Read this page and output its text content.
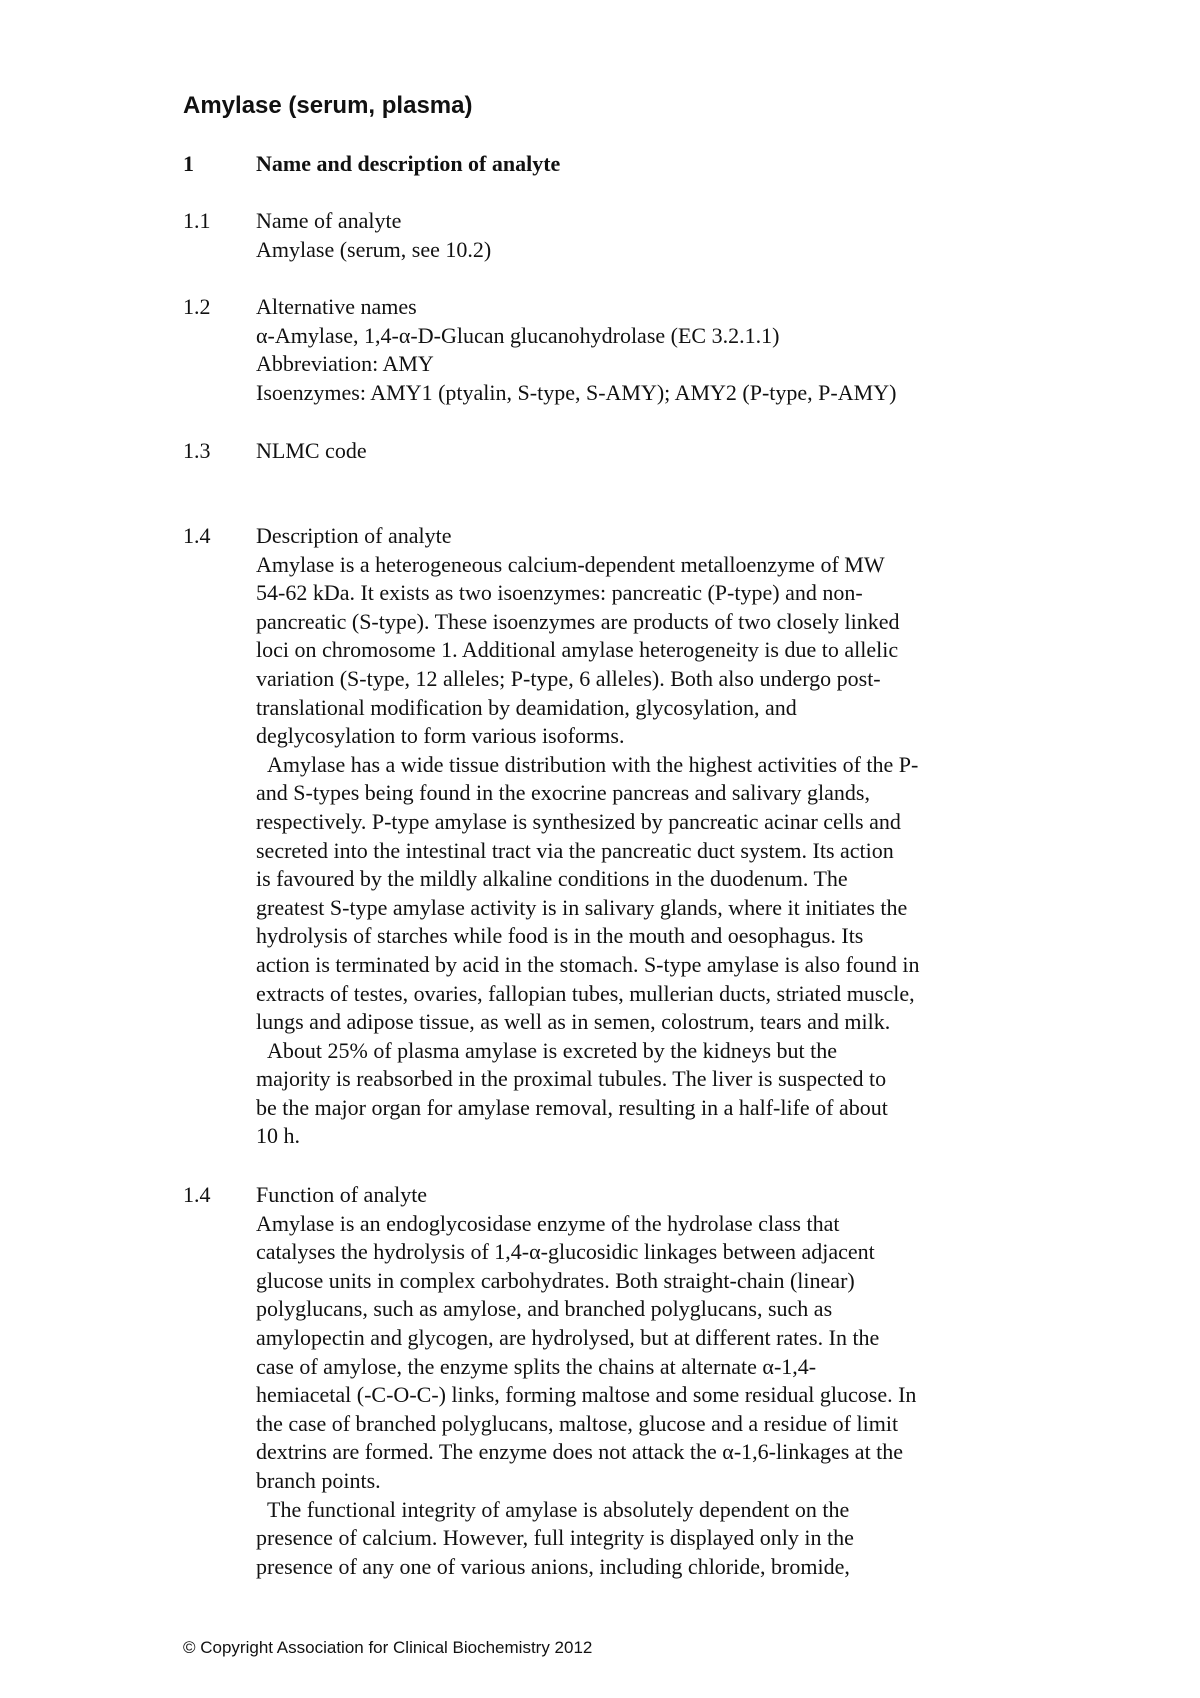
Amylase (serum, plasma)
1	Name and description of analyte
1.1 Name of analyte
Amylase (serum, see 10.2)
1.2 Alternative names
α-Amylase, 1,4-α-D-Glucan glucanohydrolase (EC 3.2.1.1)
Abbreviation: AMY
Isoenzymes: AMY1 (ptyalin, S-type, S-AMY); AMY2 (P-type, P-AMY)
1.3 NLMC code
1.4 Description of analyte
Amylase is a heterogeneous calcium-dependent metalloenzyme of MW
54-62 kDa. It exists as two isoenzymes: pancreatic (P-type) and non-
pancreatic (S-type). These isoenzymes are products of two closely linked
loci on chromosome 1. Additional amylase heterogeneity is due to allelic
variation (S-type, 12 alleles; P-type, 6 alleles). Both also undergo post-
translational modification by deamidation, glycosylation, and
deglycosylation to form various isoforms.
Amylase has a wide tissue distribution with the highest activities of the P-
and S-types being found in the exocrine pancreas and salivary glands,
respectively. P-type amylase is synthesized by pancreatic acinar cells and
secreted into the intestinal tract via the pancreatic duct system. Its action
is favoured by the mildly alkaline conditions in the duodenum. The
greatest S-type amylase activity is in salivary glands, where it initiates the
hydrolysis of starches while food is in the mouth and oesophagus. Its
action is terminated by acid in the stomach. S-type amylase is also found in
extracts of testes, ovaries, fallopian tubes, mullerian ducts, striated muscle,
lungs and adipose tissue, as well as in semen, colostrum, tears and milk.
About 25% of plasma amylase is excreted by the kidneys but the
majority is reabsorbed in the proximal tubules. The liver is suspected to
be the major organ for amylase removal, resulting in a half-life of about
10 h.
1.4 Function of analyte
Amylase is an endoglycosidase enzyme of the hydrolase class that
catalyses the hydrolysis of 1,4-α-glucosidic linkages between adjacent
glucose units in complex carbohydrates. Both straight-chain (linear)
polyglucans, such as amylose, and branched polyglucans, such as
amylopectin and glycogen, are hydrolysed, but at different rates. In the
case of amylose, the enzyme splits the chains at alternate α-1,4-
hemiacetal (-C-O-C-) links, forming maltose and some residual glucose. In
the case of branched polyglucans, maltose, glucose and a residue of limit
dextrins are formed. The enzyme does not attack the α-1,6-linkages at the
branch points.
The functional integrity of amylase is absolutely dependent on the
presence of calcium. However, full integrity is displayed only in the
presence of any one of various anions, including chloride, bromide,
© Copyright Association for Clinical Biochemistry 2012
